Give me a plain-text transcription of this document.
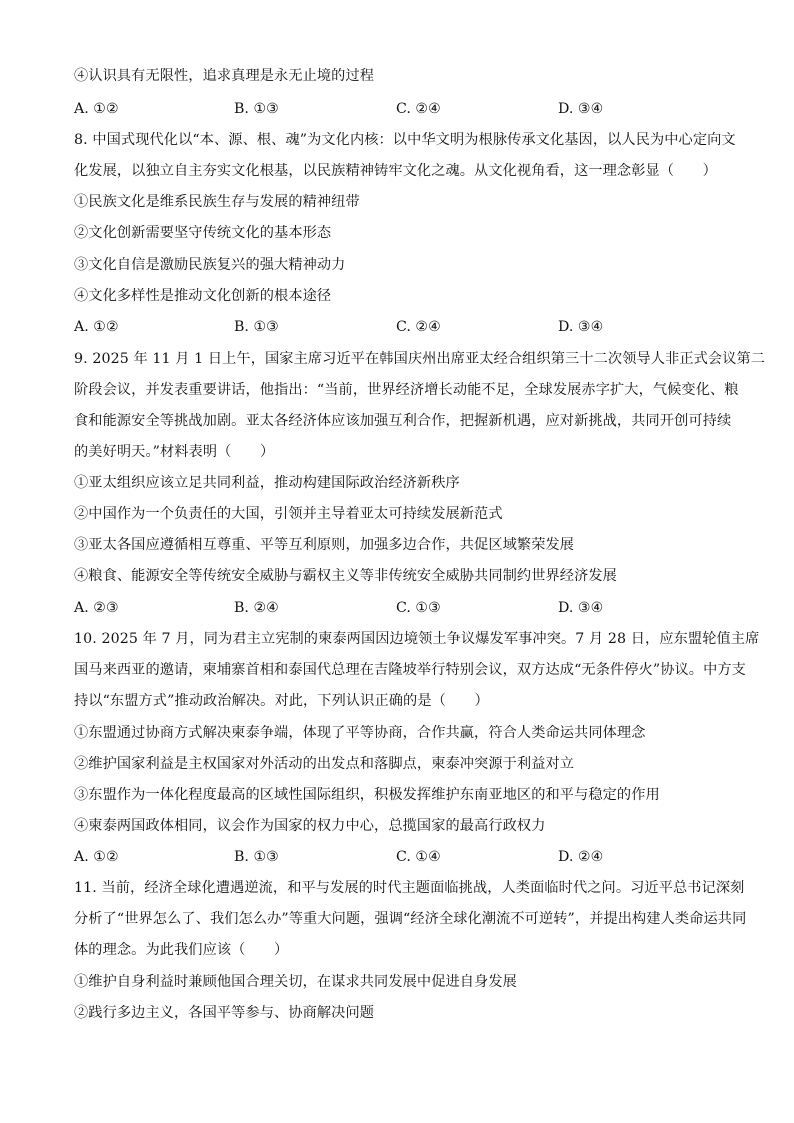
④认识具有无限性，追求真理是永无止境的过程
A. ①②	B. ①③	C. ②④	D. ③④
8. 中国式现代化以“本、源、根、魂”为文化内核：以中华文明为根脉传承文化基因，以人民为中心定向文
化发展，以独立自主夯实文化根基，以民族精神铸牢文化之魂。从文化视角看，这一理念彰显（　　）
①民族文化是维系民族生存与发展的精神纽带
②文化创新需要坚守传统文化的基本形态
③文化自信是激励民族复兴的强大精神动力
④文化多样性是推动文化创新的根本途径
A. ①②	B. ①③	C. ②④	D. ③④
9. 2025 年 11 月 1 日上午，国家主席习近平在韩国庆州出席亚太经合组织第三十二次领导人非正式会议第二
阶段会议，并发表重要讲话，他指出：“当前，世界经济增长动能不足，全球发展赤字扩大，气候变化、粮
食和能源安全等挑战加剧。亚太各经济体应该加强互利合作，把握新机遇，应对新挑战，共同开创可持续
的美好明天。”材料表明（　　）
①亚太组织应该立足共同利益，推动构建国际政治经济新秩序
②中国作为一个负责任的大国，引领并主导着亚太可持续发展新范式
③亚太各国应遵循相互尊重、平等互利原则，加强多边合作，共促区域繁荣发展
④粮食、能源安全等传统安全威胁与霸权主义等非传统安全威胁共同制约世界经济发展
A. ②③	B. ②④	C. ①③	D. ③④
10. 2025 年 7 月，同为君主立宪制的柬泰两国因边境领土争议爆发军事冲突。7 月 28 日，应东盟轮值主席
国马来西亚的邀请，柬埔寨首相和泰国代总理在吉隆坡举行特别会议，双方达成“无条件停火”协议。中方支
持以“东盟方式”推动政治解决。对此，下列认识正确的是（　　）
①东盟通过协商方式解决柬泰争端，体现了平等协商，合作共赢，符合人类命运共同体理念
②维护国家利益是主权国家对外活动的出发点和落脚点，柬泰冲突源于利益对立
③东盟作为一体化程度最高的区域性国际组织，积极发挥维护东南亚地区的和平与稳定的作用
④柬泰两国政体相同，议会作为国家的权力中心，总揽国家的最高行政权力
A. ①②	B. ①③	C. ①④	D. ②④
11. 当前，经济全球化遭遇逆流，和平与发展的时代主题面临挑战，人类面临时代之问。习近平总书记深刻
分析了“世界怎么了、我们怎么办”等重大问题，强调“经济全球化潮流不可逆转”，并提出构建人类命运共同
体的理念。为此我们应该（　　）
①维护自身利益时兼顾他国合理关切，在谋求共同发展中促进自身发展
②践行多边主义，各国平等参与、协商解决问题
